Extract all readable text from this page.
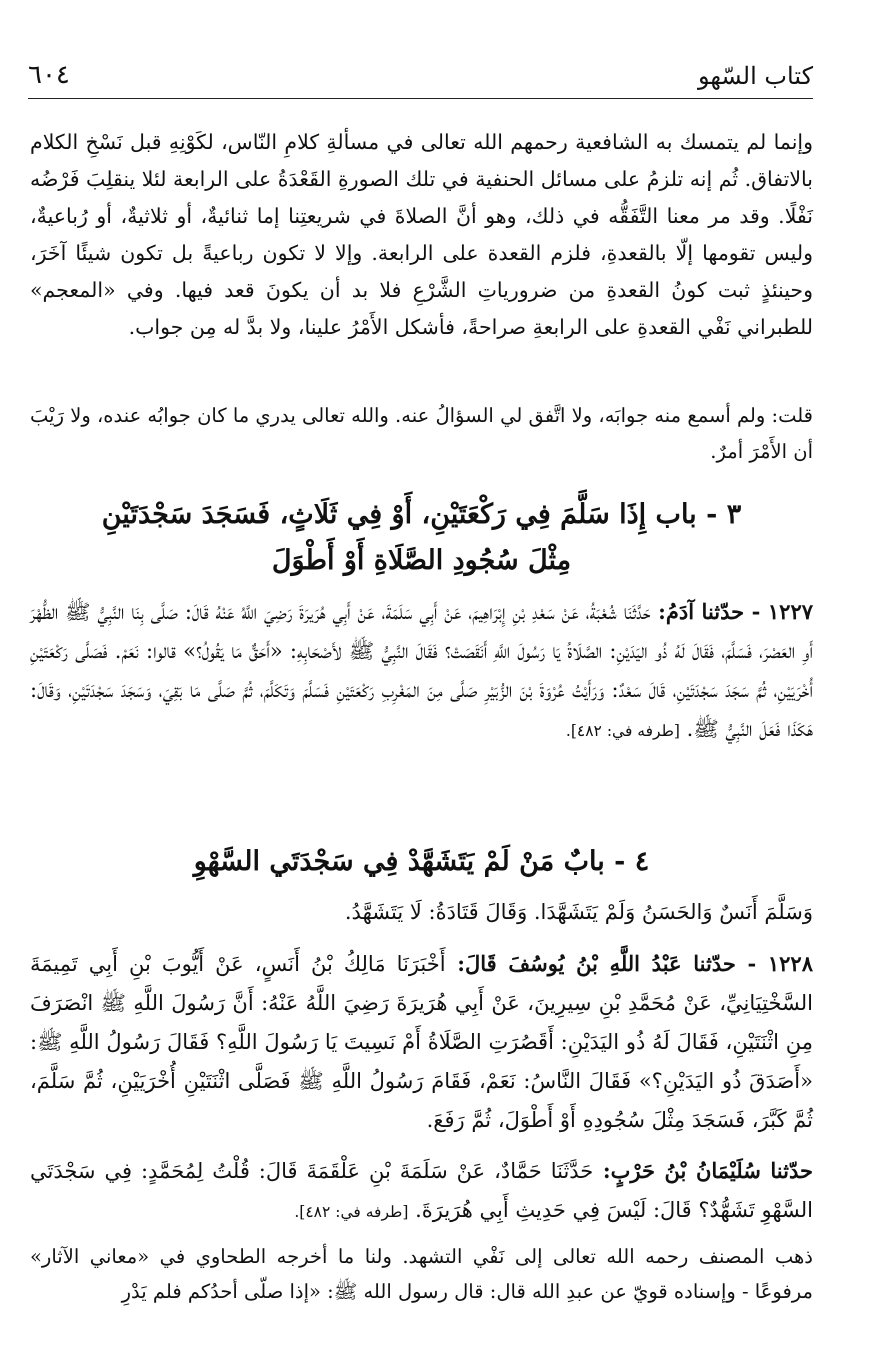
كتاب السّهو
٦٠٤

وإنما لم يتمسك به الشافعية رحمهم الله تعالى في مسألةِ كلامِ النّاس، لكَوْنِهِ قبل نَسْخِ الكلام بالاتفاق. ثُم إنه تلزمُ على مسائل الحنفية في تلك الصورةِ القَعْدَةُ على الرابعة لئلا ينقلِبَ فَرْضُه نَفْلًا. وقد مر معنا التَّفَقُّه في ذلك، وهو أنَّ الصلاةَ في شريعتِنا إما ثنائيةٌ، أو ثلاثيةٌ، أو رُباعيةٌ، وليس تقومها إلّا بالقعدةِ، فلزم القعدة على الرابعة. وإلا لا تكون رباعيةً بل تكون شيئًا آخَرَ، وحينئذٍ ثبت كونُ القعدةِ من ضرورياتِ الشَّرْعِ فلا بد أن يكونَ قعد فيها. وفي «المعجم» للطبراني نَفْي القعدةِ على الرابعةِ صراحةً، فأشكل الأَمْرُ علينا، ولا بدَّ له مِن جواب.

قلت: ولم أسمع منه جوابَه، ولا اتَّفق لي السؤالُ عنه. والله تعالى يدري ما كان جوابُه عنده، ولا رَيْبَ أن الأَمْرَ أمرٌ.

٣ - باب إِذَا سَلَّمَ فِي رَكْعَتَيْنِ، أَوْ فِي ثَلَاثٍ، فَسَجَدَ سَجْدَتَيْنِ
مِثْلَ سُجُودِ الصَّلَاةِ أَوْ أَطْوَلَ

١٢٢٧ - حدّثنا آدَمُ: حَدَّثَنَا شُعْبَةُ، عَنْ سَعْدِ بْنِ إِبْرَاهِيمَ، عَنْ أَبِي سَلَمَةَ، عَنْ أَبِي هُرَيرَةَ رَضِيَ اللَّهُ عَنْهُ قَالَ: صَلَّى بِنَا النَّبِيُّ ﷺ الظُّهْرَ أَوِ العَصْرَ، فَسَلَّمَ، فَقَالَ لَهُ ذُو اليَدَيْنِ: الصَّلَاةُ يَا رَسُولَ اللَّهِ أَنَقَصَتْ؟ فَقَالَ النَّبِيُّ ﷺ لأَصْحَابِهِ: «أَحَقٌّ مَا يَقُولُ؟» قالوا: نَعَمْ. فَصَلَّى رَكْعَتَيْنِ أُخْرَيَيْنِ، ثُمَّ سَجَدَ سَجْدَتَيْنِ، قَالَ سَعْدٌ: وَرَأَيْتُ عُرْوَةَ بْنَ الزُّبَيْرِ صَلَّى مِنَ المَغْرِبِ رَكْعَتَيْنِ فَسَلَّمَ وَتَكَلَّمَ، ثُمَّ صَلَّى مَا بَقِيَ، وَسَجَدَ سَجْدَتَيْنِ، وَقَالَ: هَكَذَا فَعَلَ النَّبِيُّ ﷺ. [طرفه في: ٤٨٢].

٤ - بابٌ مَنْ لَمْ يَتَشَهَّدْ فِي سَجْدَتَي السَّهْوِ

وَسَلَّمَ أَنَسٌ وَالحَسَنُ وَلَمْ يَتَشَهَّدَا. وَقَالَ قَتَادَةُ: لَا يَتَشَهَّدُ.

١٢٢٨ - حدّثنا عَبْدُ اللَّهِ بْنُ يُوسُفَ قَالَ: أَخْبَرَنَا مَالِكُ بْنُ أَنَسٍ، عَنْ أَيُّوبَ بْنِ أَبِي تَمِيمَةَ السَّخْتِيَانِيِّ، عَنْ مُحَمَّدِ بْنِ سِيرِينَ، عَنْ أَبِي هُرَيرَةَ رَضِيَ اللَّهُ عَنْهُ: أَنَّ رَسُولَ اللَّهِ ﷺ انْصَرَفَ مِنِ اثْنَتَيْنِ، فَقَالَ لَهُ ذُو اليَدَيْنِ: أَقَصُرَتِ الصَّلَاةُ أَمْ نَسِيتَ يَا رَسُولَ اللَّهِ؟ فَقَالَ رَسُولُ اللَّهِ ﷺ: «أَصَدَقَ ذُو اليَدَيْنِ؟» فَقَالَ النَّاسُ: نَعَمْ، فَقَامَ رَسُولُ اللَّهِ ﷺ فَصَلَّى اثْنَتَيْنِ أُخْرَيَيْنِ، ثُمَّ سَلَّمَ، ثُمَّ كَبَّرَ، فَسَجَدَ مِثْلَ سُجُودِهِ أَوْ أَطْوَلَ، ثُمَّ رَفَعَ.

حدّثنا سُلَيْمَانُ بْنُ حَرْبٍ: حَدَّثَنَا حَمَّادٌ، عَنْ سَلَمَةَ بْنِ عَلْقَمَةَ قَالَ: قُلْتُ لِمُحَمَّدٍ: فِي سَجْدَتَي السَّهْوِ تَشَهُّدٌ؟ قَالَ: لَيْسَ فِي حَدِيثِ أَبِي هُرَيرَةَ. [طرفه في: ٤٨٢].

ذهب المصنف رحمه الله تعالى إلى نَفْي التشهد. ولنا ما أخرجه الطحاوي في «معاني الآثار» مرفوعًا - وإسناده قويّ عن عبدِ الله قال: قال رسول الله ﷺ: «إذا صلّى أحدُكم فلم يَدْرِ
